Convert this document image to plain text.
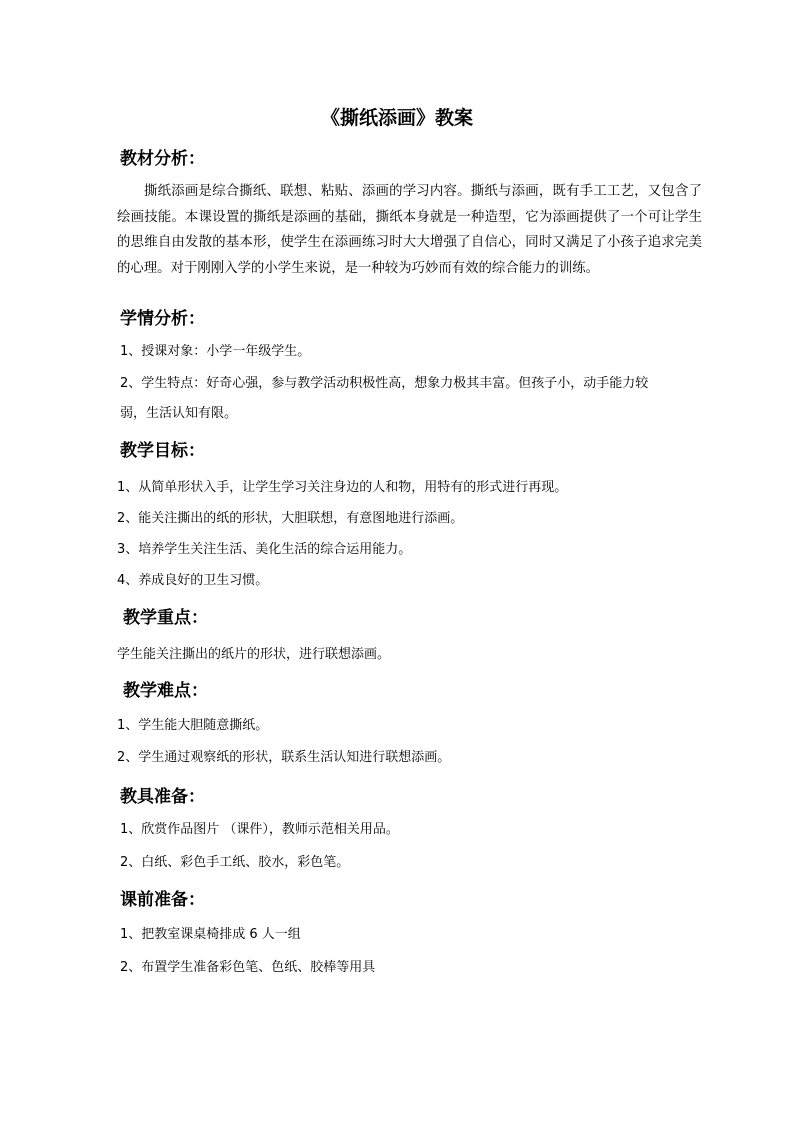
《撕纸添画》教案
教材分析：
撕纸添画是综合撕纸、联想、粘贴、添画的学习内容。撕纸与添画，既有手工工艺，又包含了绘画技能。本课设置的撕纸是添画的基础，撕纸本身就是一种造型，它为添画提供了一个可让学生的思维自由发散的基本形，使学生在添画练习时大大增强了自信心，同时又满足了小孩子追求完美的心理。对于刚刚入学的小学生来说，是一种较为巧妙而有效的综合能力的训练。
学情分析：
1、授课对象：小学一年级学生。
2、学生特点：好奇心强，参与教学活动积极性高，想象力极其丰富。但孩子小，动手能力较
弱，生活认知有限。
教学目标：
1、从简单形状入手，让学生学习关注身边的人和物，用特有的形式进行再现。
2、能关注撕出的纸的形状，大胆联想，有意图地进行添画。
3、培养学生关注生活、美化生活的综合运用能力。
4、养成良好的卫生习惯。
教学重点：
学生能关注撕出的纸片的形状，进行联想添画。
教学难点：
1、学生能大胆随意撕纸。
2、学生通过观察纸的形状，联系生活认知进行联想添画。
教具准备：
1、欣赏作品图片 （课件），教师示范相关用品。
2、白纸、彩色手工纸、胶水，彩色笔。
课前准备：
1、把教室课桌椅排成 6 人一组
2、布置学生准备彩色笔、色纸、胶棒等用具
